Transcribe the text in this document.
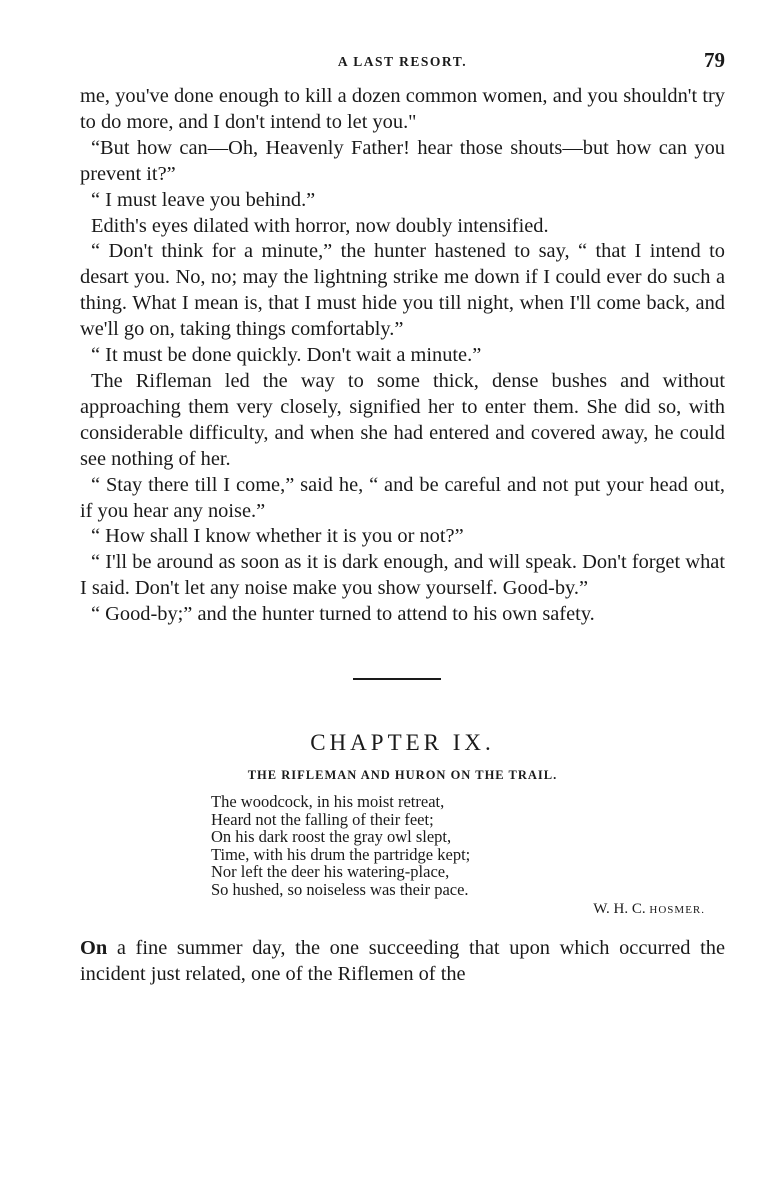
A LAST RESORT.	79

me, you've done enough to kill a dozen common women, and you shouldn't try to do more, and I don't intend to let you."

“But how can—Oh, Heavenly Father! hear those shouts—but how can you prevent it?”

“ I must leave you behind.”

Edith's eyes dilated with horror, now doubly intensified.

“ Don't think for a minute,” the hunter hastened to say, “ that I intend to desart you. No, no; may the lightning strike me down if I could ever do such a thing. What I mean is, that I must hide you till night, when I'll come back, and we'll go on, taking things comfortably.”

“ It must be done quickly. Don't wait a minute.”

The Rifleman led the way to some thick, dense bushes and without approaching them very closely, signified her to enter them. She did so, with considerable difficulty, and when she had entered and covered away, he could see nothing of her.

“ Stay there till I come,” said he, “ and be careful and not put your head out, if you hear any noise.”

“ How shall I know whether it is you or not?”

“ I'll be around as soon as it is dark enough, and will speak. Don't forget what I said. Don't let any noise make you show yourself. Good-by.”

“ Good-by;” and the hunter turned to attend to his own safety.

CHAPTER IX.
THE RIFLEMAN AND HURON ON THE TRAIL.
The woodcock, in his moist retreat,
Heard not the falling of their feet;
On his dark roost the gray owl slept,
Time, with his drum the partridge kept;
Nor left the deer his watering-place,
So hushed, so noiseless was their pace.
W. H. C. HOSMER.
On a fine summer day, the one succeeding that upon which occurred the incident just related, one of the Riflemen of the
